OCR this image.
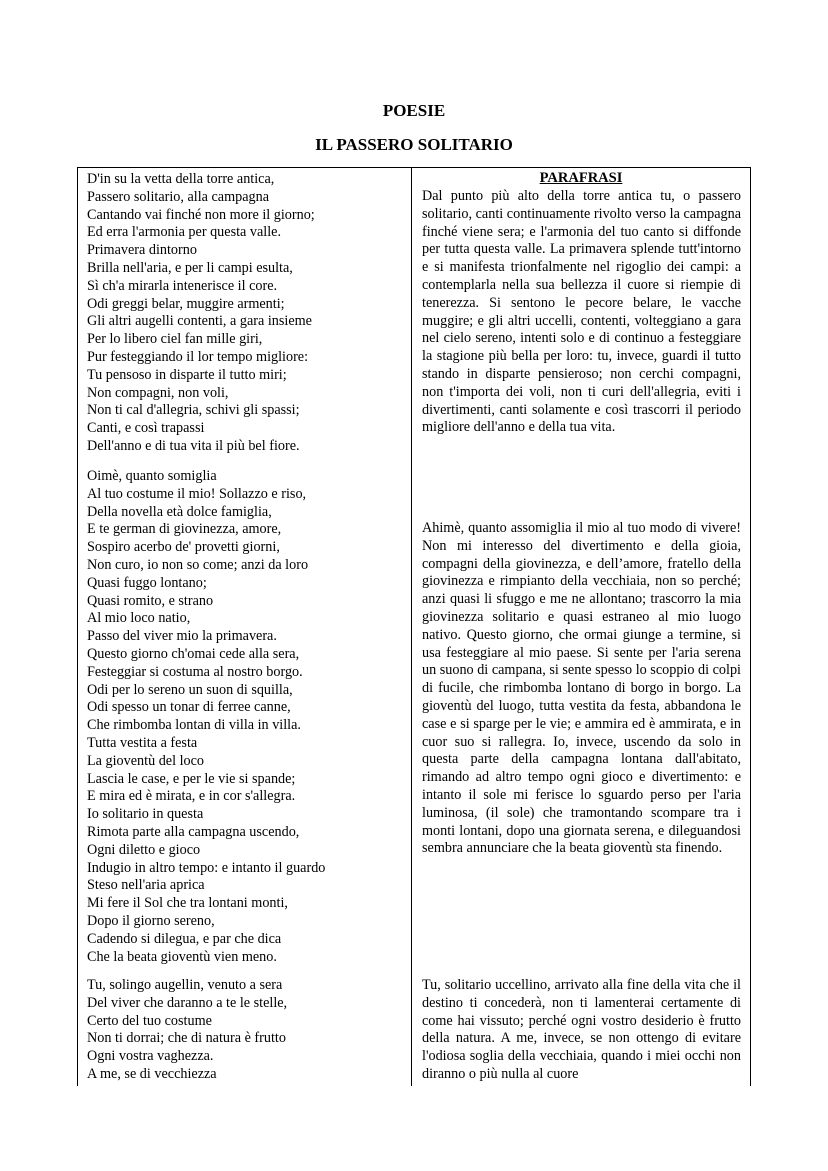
POESIE
IL PASSERO SOLITARIO
PARAFRASI
D'in su la vetta della torre antica,
Passero solitario, alla campagna
Cantando vai finché non more il giorno;
Ed erra l'armonia per questa valle.
Primavera dintorno
Brilla nell'aria, e per li campi esulta,
Sì ch'a mirarla intenerisce il core.
Odi greggi belar, muggire armenti;
Gli altri augelli contenti, a gara insieme
Per lo libero ciel fan mille giri,
Pur festeggiando il lor tempo migliore:
Tu pensoso in disparte il tutto miri;
Non compagni, non voli,
Non ti cal d'allegria, schivi gli spassi;
Canti, e così trapassi
Dell'anno e di tua vita il più bel fiore.
Oimè, quanto somiglia
Al tuo costume il mio! Sollazzo e riso,
Della novella età dolce famiglia,
E te german di giovinezza, amore,
Sospiro acerbo de' provetti giorni,
Non curo, io non so come; anzi da loro
Quasi fuggo lontano;
Quasi romito, e strano
Al mio loco natio,
Passo del viver mio la primavera.
Questo giorno ch'omai cede alla sera,
Festeggiar si costuma al nostro borgo.
Odi per lo sereno un suon di squilla,
Odi spesso un tonar di ferree canne,
Che rimbomba lontan di villa in villa.
Tutta vestita a festa
La gioventù del loco
Lascia le case, e per le vie si spande;
E mira ed è mirata, e in cor s'allegra.
Io solitario in questa
Rimota parte alla campagna uscendo,
Ogni diletto e gioco
Indugio in altro tempo: e intanto il guardo
Steso nell'aria aprica
Mi fere il Sol che tra lontani monti,
Dopo il giorno sereno,
Cadendo si dilegua, e par che dica
Che la beata gioventù vien meno.
Tu, solingo augellin, venuto a sera
Del viver che daranno a te le stelle,
Certo del tuo costume
Non ti dorrai; che di natura è frutto
Ogni vostra vaghezza.
A me, se di vecchiezza
Dal punto più alto della torre antica tu, o passero solitario, canti continuamente rivolto verso la campagna finché viene sera; e l'armonia del tuo canto si diffonde per tutta questa valle. La primavera splende tutt'intorno e si manifesta trionfalmente nel rigoglio dei campi: a contemplarla nella sua bellezza il cuore si riempie di tenerezza. Si sentono le pecore belare, le vacche muggire; e gli altri uccelli, contenti, volteggiano a gara nel cielo sereno, intenti solo e di continuo a festeggiare la stagione più bella per loro: tu, invece, guardi il tutto stando in disparte pensieroso; non cerchi compagni, non t'importa dei voli, non ti curi dell'allegria, eviti i divertimenti, canti solamente e così trascorri il periodo migliore dell'anno e della tua vita.
Ahimè, quanto assomiglia il mio al tuo modo di vivere! Non mi interesso del divertimento e della gioia, compagni della giovinezza, e dell’amore, fratello della giovinezza e rimpianto della vecchiaia, non so perché; anzi quasi li sfuggo e me ne allontano; trascorro la mia giovinezza solitario e quasi estraneo al mio luogo nativo. Questo giorno, che ormai giunge a termine, si usa festeggiare al mio paese. Si sente per l'aria serena un suono di campana, si sente spesso lo scoppio di colpi di fucile, che rimbomba lontano di borgo in borgo. La gioventù del luogo, tutta vestita da festa, abbandona le case e si sparge per le vie; e ammira ed è ammirata, e in cuor suo si rallegra. Io, invece, uscendo da solo in questa parte della campagna lontana dall'abitato, rimando ad altro tempo ogni gioco e divertimento: e intanto il sole mi ferisce lo sguardo perso per l'aria luminosa, (il sole) che tramontando scompare tra i monti lontani, dopo una giornata serena, e dileguandosi sembra annunciare che la beata gioventù sta finendo.
Tu, solitario uccellino, arrivato alla fine della vita che il destino ti concederà, non ti lamenterai certamente di come hai vissuto; perché ogni vostro desiderio è frutto della natura. A me, invece, se non ottengo di evitare l'odiosa soglia della vecchiaia, quando i miei occhi non diranno o più nulla al cuore
